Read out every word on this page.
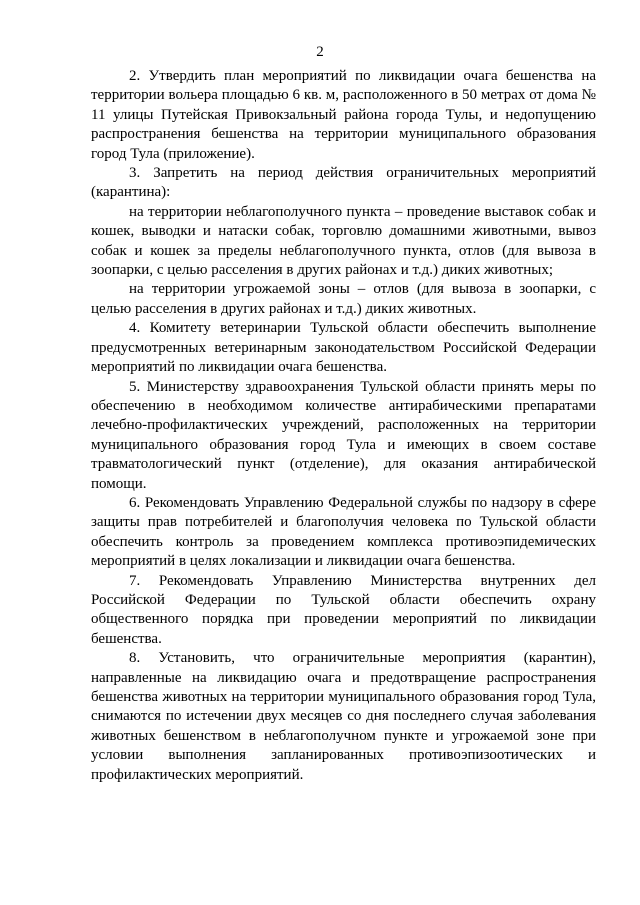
2

2. Утвердить план мероприятий по ликвидации очага бешенства на территории вольера площадью 6 кв. м, расположенного в 50 метрах от дома № 11 улицы Путейская Привокзальный района города Тулы, и недопущению распространения бешенства на территории муниципального образования город Тула (приложение).

3. Запретить на период действия ограничительных мероприятий (карантина):

на территории неблагополучного пункта – проведение выставок собак и кошек, выводки и натаски собак, торговлю домашними животными, вывоз собак и кошек за пределы неблагополучного пункта, отлов (для вывоза в зоопарки, с целью расселения в других районах и т.д.) диких животных;

на территории угрожаемой зоны – отлов (для вывоза в зоопарки, с целью расселения в других районах и т.д.) диких животных.

4. Комитету ветеринарии Тульской области обеспечить выполнение предусмотренных ветеринарным законодательством Российской Федерации мероприятий по ликвидации очага бешенства.

5. Министерству здравоохранения Тульской области принять меры по обеспечению в необходимом количестве антирабическими препаратами лечебно-профилактических учреждений, расположенных на территории муниципального образования город Тула и имеющих в своем составе травматологический пункт (отделение), для оказания антирабической помощи.

6. Рекомендовать Управлению Федеральной службы по надзору в сфере защиты прав потребителей и благополучия человека по Тульской области обеспечить контроль за проведением комплекса противоэпидемических мероприятий в целях локализации и ликвидации очага бешенства.

7. Рекомендовать Управлению Министерства внутренних дел Российской Федерации по Тульской области обеспечить охрану общественного порядка при проведении мероприятий по ликвидации бешенства.

8. Установить, что ограничительные мероприятия (карантин), направленные на ликвидацию очага и предотвращение распространения бешенства животных на территории муниципального образования город Тула, снимаются по истечении двух месяцев со дня последнего случая заболевания животных бешенством в неблагополучном пункте и угрожаемой зоне при условии выполнения запланированных противоэпизоотических и профилактических мероприятий.
